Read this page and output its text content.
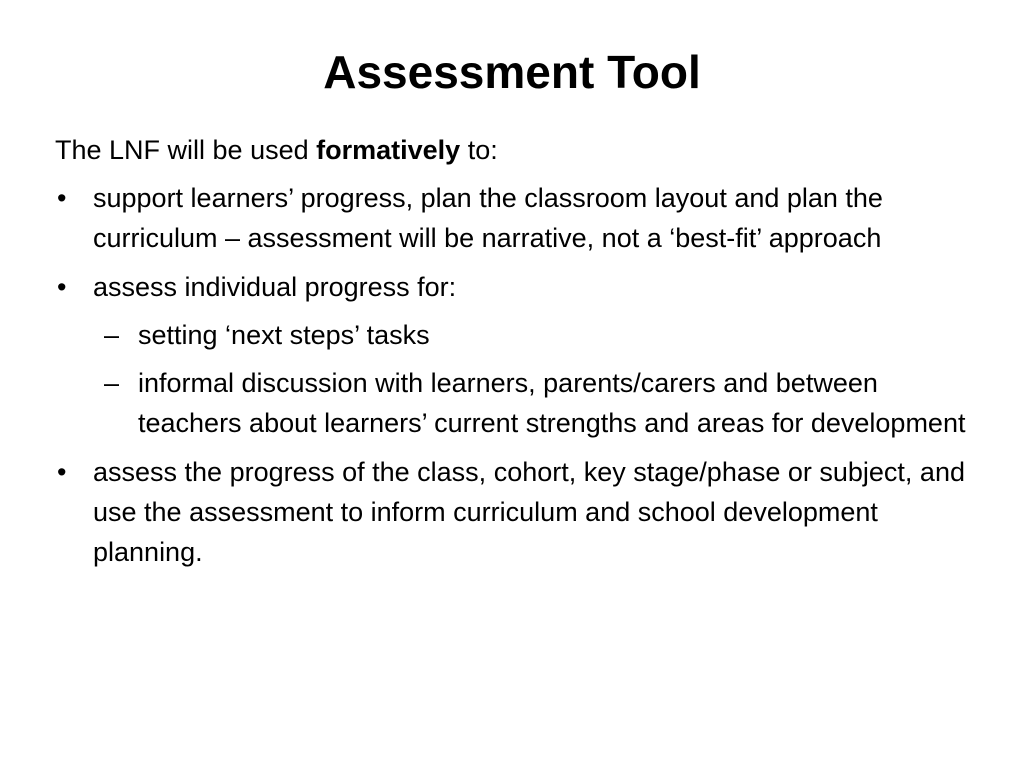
Assessment Tool

The LNF will be used formatively to:

• support learners’ progress, plan the classroom layout and plan the curriculum – assessment will be narrative, not a ‘best-fit’ approach
• assess individual progress for:
– setting ‘next steps’ tasks
– informal discussion with learners, parents/carers and between teachers about learners’ current strengths and areas for development
• assess the progress of the class, cohort, key stage/phase or subject, and use the assessment to inform curriculum and school development planning.
